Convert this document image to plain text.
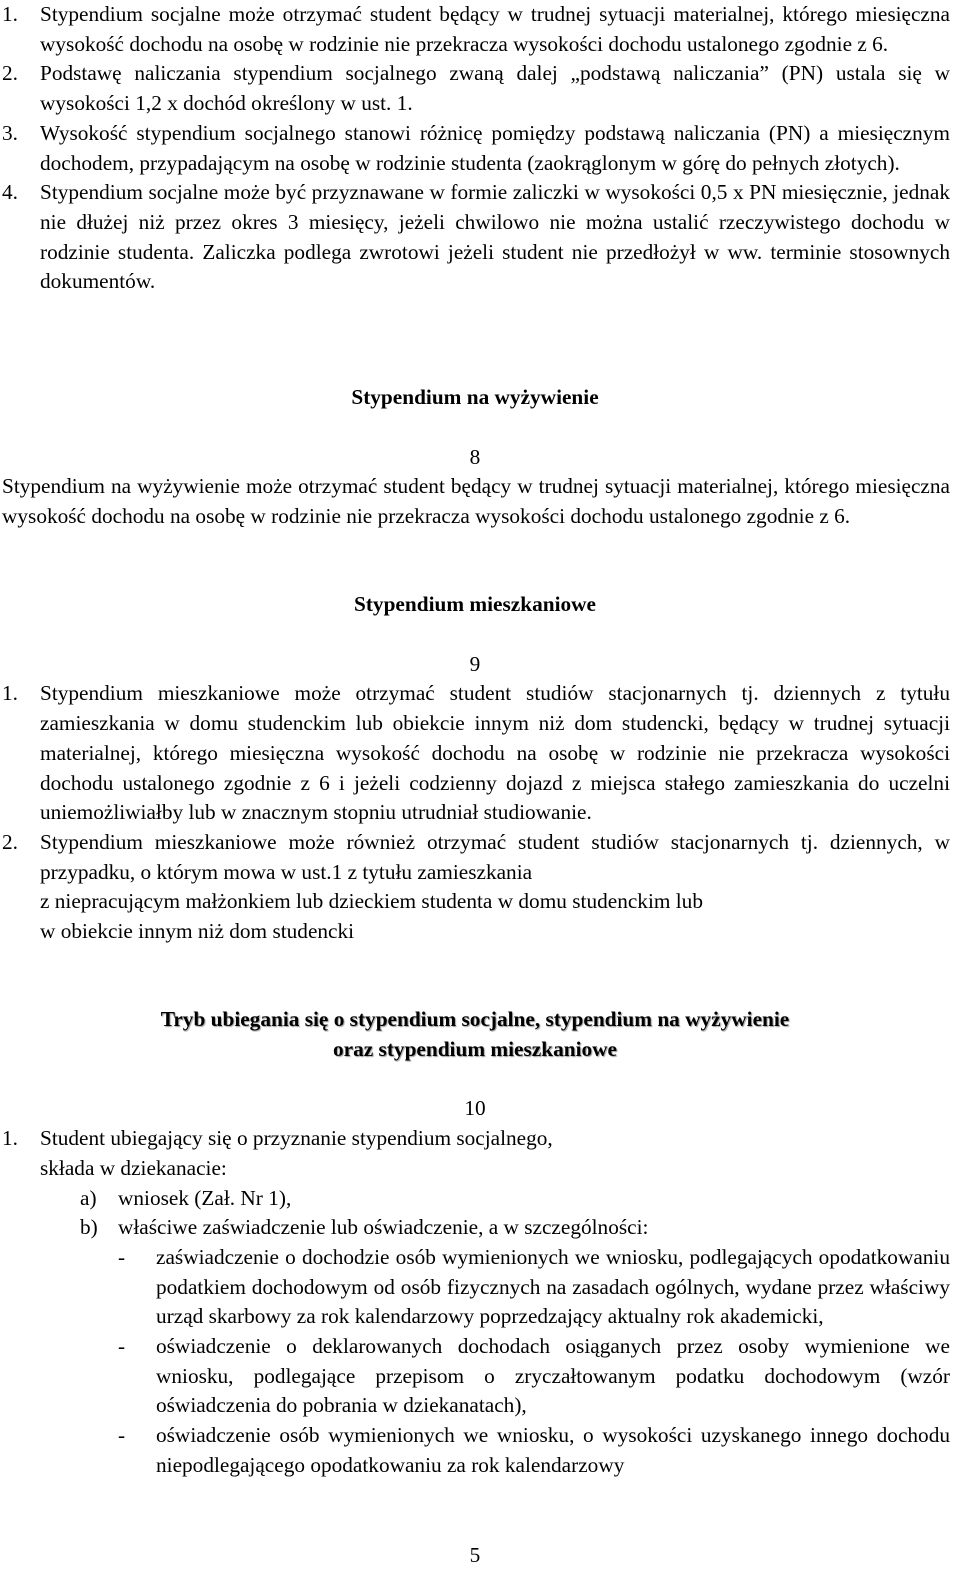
1. Stypendium socjalne może otrzymać student będący w trudnej sytuacji materialnej, którego miesięczna wysokość dochodu na osobę w rodzinie nie przekracza wysokości dochodu ustalonego zgodnie z 6.
2. Podstawę naliczania stypendium socjalnego zwaną dalej „podstawą naliczania” (PN) ustala się w wysokości 1,2 x dochód określony w ust. 1.
3. Wysokość stypendium socjalnego stanowi różnicę pomiędzy podstawą naliczania (PN) a miesięcznym dochodem, przypadającym na osobę w rodzinie studenta (zaokrąglonym w górę do pełnych złotych).
4. Stypendium socjalne może być przyznawane w formie zaliczki w wysokości 0,5 x PN miesięcznie, jednak nie dłużej niż przez okres 3 miesięcy, jeżeli chwilowo nie można ustalić rzeczywistego dochodu w rodzinie studenta. Zaliczka podlega zwrotowi jeżeli student nie przedłożył w ww. terminie stosownych dokumentów.
Stypendium na wyżywienie
8
Stypendium na wyżywienie może otrzymać student będący w trudnej sytuacji materialnej, którego miesięczna wysokość dochodu na osobę w rodzinie nie przekracza wysokości dochodu ustalonego zgodnie z 6.
Stypendium mieszkaniowe
9
1. Stypendium mieszkaniowe może otrzymać student studiów stacjonarnych tj. dziennych z tytułu zamieszkania w domu studenckim lub obiekcie innym niż dom studencki, będący w trudnej sytuacji materialnej, którego miesięczna wysokość dochodu na osobę w rodzinie nie przekracza wysokości dochodu ustalonego zgodnie z 6 i jeżeli codzienny dojazd z miejsca stałego zamieszkania do uczelni uniemożliwiałby lub w znacznym stopniu utrudniał studiowanie.
2. Stypendium mieszkaniowe może również otrzymać student studiów stacjonarnych tj. dziennych, w przypadku, o którym mowa w ust.1 z tytułu zamieszkania
z niepracującym małżonkiem lub dzieckiem studenta w domu studenckim lub
w obiekcie innym niż dom studencki
Tryb ubiegania się o stypendium socjalne, stypendium na wyżywienie
oraz stypendium mieszkaniowe
10
1. Student ubiegający się o przyznanie stypendium socjalnego,
składa w dziekanacie:
a) wniosek (Zał. Nr 1),
b) właściwe zaświadczenie lub oświadczenie, a w szczególności:
- zaświadczenie o dochodzie osób wymienionych we wniosku, podlegających opodatkowaniu podatkiem dochodowym od osób fizycznych na zasadach ogólnych, wydane przez właściwy urząd skarbowy za rok kalendarzowy poprzedzający aktualny rok akademicki,
- oświadczenie o deklarowanych dochodach osiąganych przez osoby wymienione we wniosku, podlegające przepisom o zryczałtowanym podatku dochodowym (wzór oświadczenia do pobrania w dziekanatach),
- oświadczenie osób wymienionych we wniosku, o wysokości uzyskanego innego dochodu niepodlegającego opodatkowaniu za rok kalendarzowy
5
